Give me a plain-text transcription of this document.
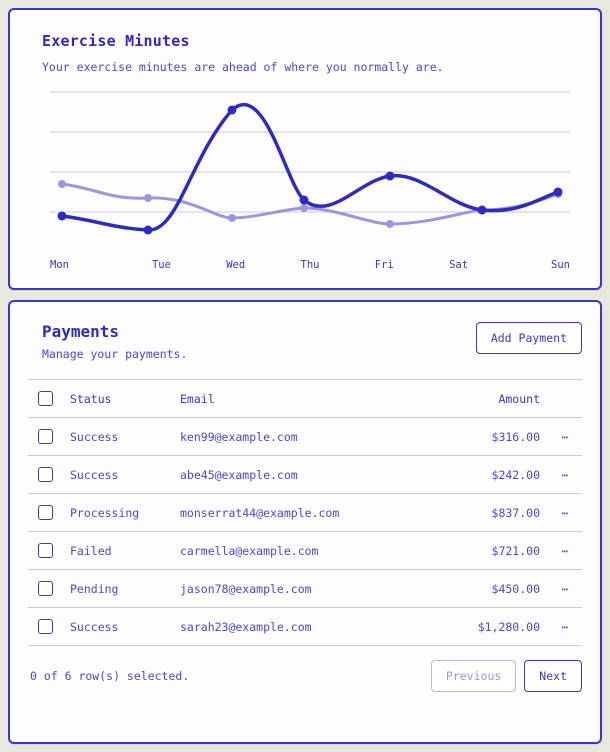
Exercise Minutes
Your exercise minutes are ahead of where you normally are.
Mon	Tue	Wed	Thu	Fri	Sat	Sun
Payments
Manage your payments.
Add Payment
	Status	Email	Amount	
	Success	ken99@example.com	$316.00	⋯
	Success	abe45@example.com	$242.00	⋯
	Processing	monserrat44@example.com	$837.00	⋯
	Failed	carmella@example.com	$721.00	⋯
	Pending	jason78@example.com	$450.00	⋯
	Success	sarah23@example.com	$1,280.00	⋯
0 of 6 row(s) selected.	Previous	Next
